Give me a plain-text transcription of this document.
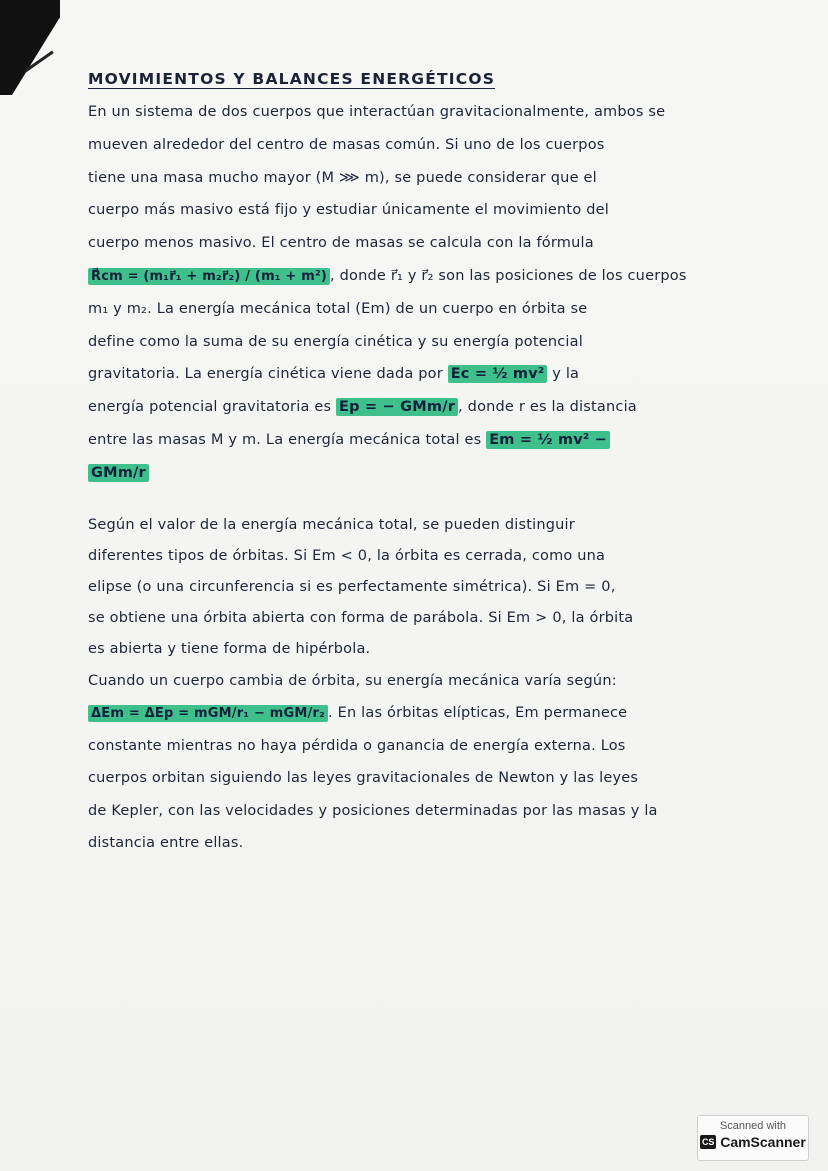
MOVIMIENTOS Y BALANCES ENERGÉTICOS
En un sistema de dos cuerpos que interactúan gravitacionalmente, ambos se
mueven alrededor del centro de masas común. Si uno de los cuerpos
tiene una masa mucho mayor (M ⋙ m), se puede considerar que el
cuerpo más masivo está fijo y estudiar únicamente el movimiento del
cuerpo menos masivo. El centro de masas se calcula con la fórmula
R⃗cm = (m₁r⃗₁ + m₂r⃗₂) / (m₁ + m²) , donde r⃗₁ y r⃗₂ son las posiciones de los cuerpos
m₁ y m₂. La energía mecánica total (Em) de un cuerpo en órbita se
define como la suma de su energía cinética y su energía potencial
gravitatoria. La energía cinética viene dada por Ec = ½ mv² y la
energía potencial gravitatoria es Ep = − GMm/r , donde r es la distancia
entre las masas M y m. La energía mecánica total es Em = ½ mv² −
GMm/r
Según el valor de la energía mecánica total, se pueden distinguir
diferentes tipos de órbitas. Si Em < 0, la órbita es cerrada, como una
elipse (o una circunferencia si es perfectamente simétrica). Si Em = 0,
se obtiene una órbita abierta con forma de parábola. Si Em > 0, la órbita
es abierta y tiene forma de hipérbola.
Cuando un cuerpo cambia de órbita, su energía mecánica varía según:
ΔEm = ΔEp = mGM/r₁ − mGM/r₂ . En las órbitas elípticas, Em permanece
constante mientras no haya pérdida o ganancia de energía externa. Los
cuerpos orbitan siguiendo las leyes gravitacionales de Newton y las leyes
de Kepler, con las velocidades y posiciones determinadas por las masas y la
distancia entre ellas.
Scanned with
CS CamScanner
